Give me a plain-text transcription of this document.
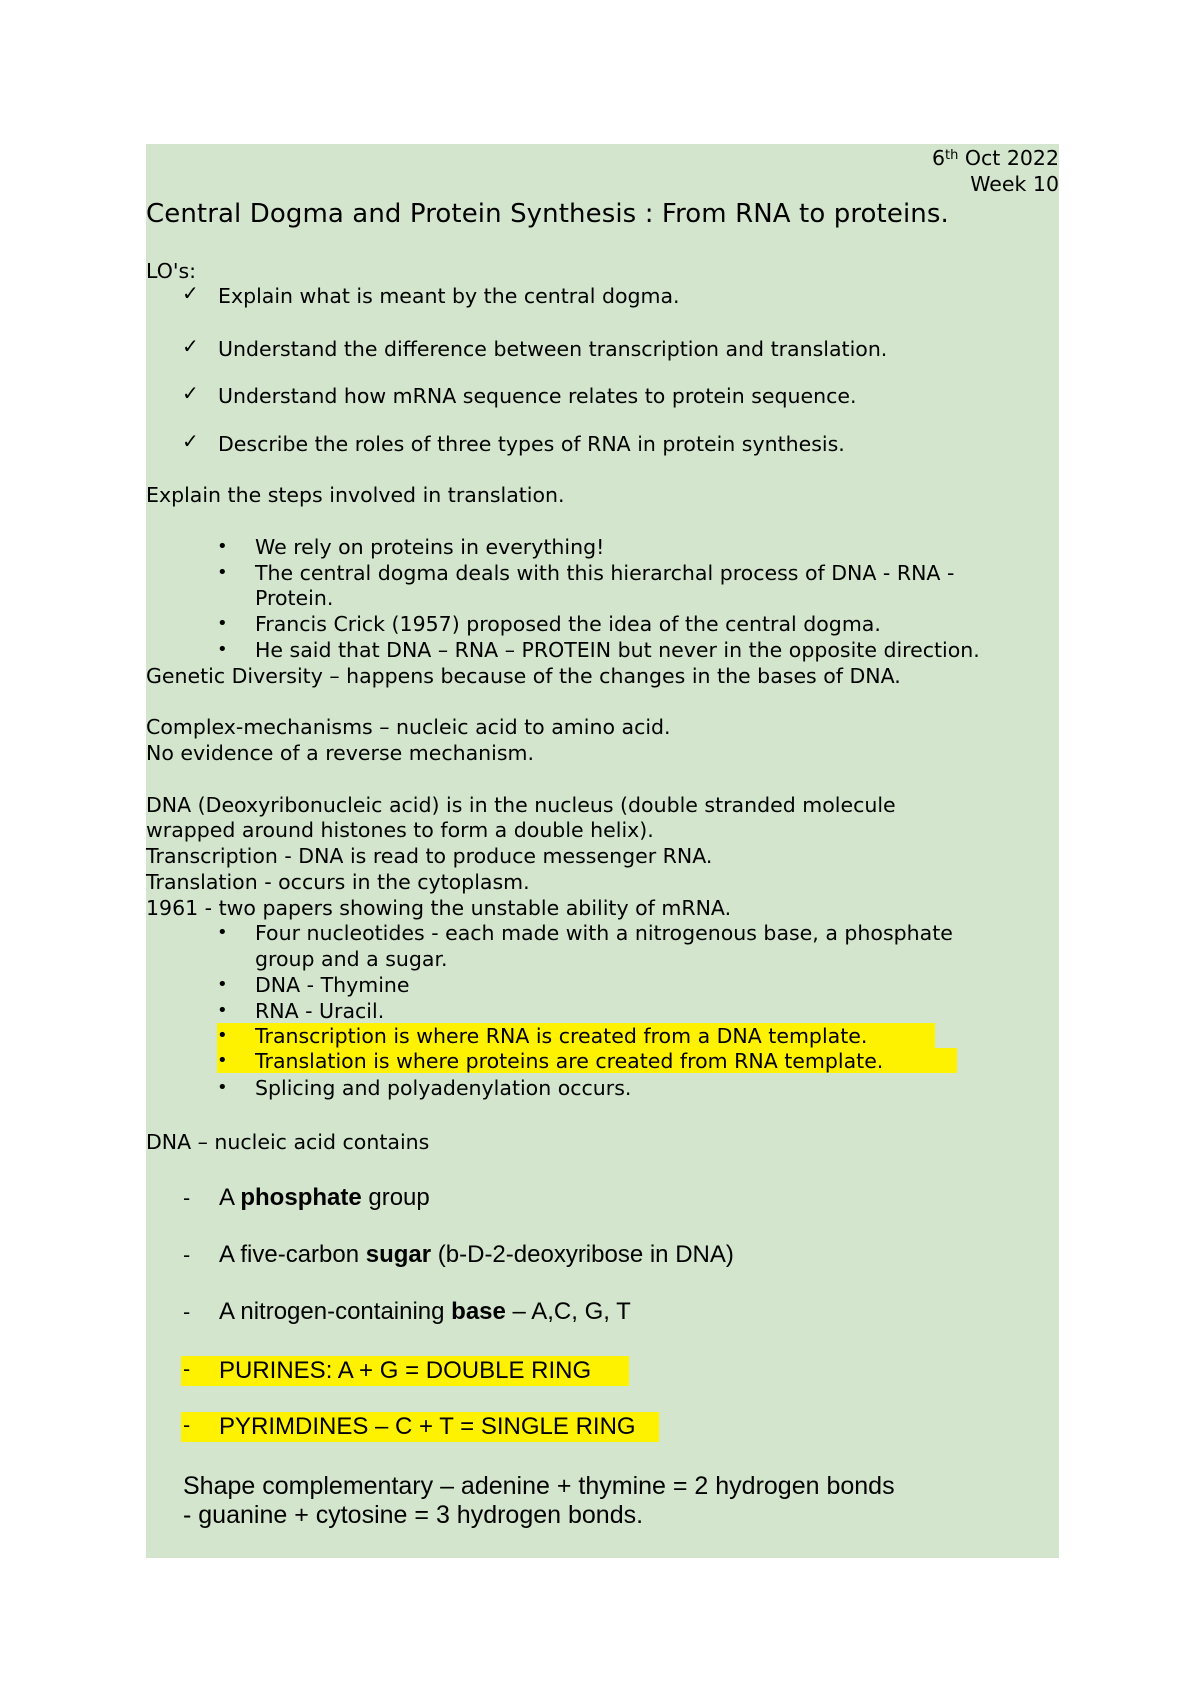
6th Oct 2022
Week 10
Central Dogma and Protein Synthesis : From RNA to proteins.
LO's:
✓ Explain what is meant by the central dogma.
✓ Understand the difference between transcription and translation.
✓ Understand how mRNA sequence relates to protein sequence.
✓ Describe the roles of three types of RNA in protein synthesis.
Explain the steps involved in translation.
• We rely on proteins in everything!
• The central dogma deals with this hierarchal process of DNA - RNA -
Protein.
• Francis Crick (1957) proposed the idea of the central dogma.
• He said that DNA – RNA – PROTEIN but never in the opposite direction.
Genetic Diversity – happens because of the changes in the bases of DNA.
Complex-mechanisms – nucleic acid to amino acid.
No evidence of a reverse mechanism.
DNA (Deoxyribonucleic acid) is in the nucleus (double stranded molecule
wrapped around histones to form a double helix).
Transcription - DNA is read to produce messenger RNA.
Translation - occurs in the cytoplasm.
1961 - two papers showing the unstable ability of mRNA.
• Four nucleotides - each made with a nitrogenous base, a phosphate
group and a sugar.
• DNA - Thymine
• RNA - Uracil.
• Transcription is where RNA is created from a DNA template.
• Translation is where proteins are created from RNA template.
• Splicing and polyadenylation occurs.
DNA – nucleic acid contains
- A phosphate group
- A five-carbon sugar (b-D-2-deoxyribose in DNA)
- A nitrogen-containing base – A,C, G, T
- PURINES: A + G = DOUBLE RING
- PYRIMDINES – C + T = SINGLE RING
Shape complementary – adenine + thymine = 2 hydrogen bonds
- guanine + cytosine = 3 hydrogen bonds.
